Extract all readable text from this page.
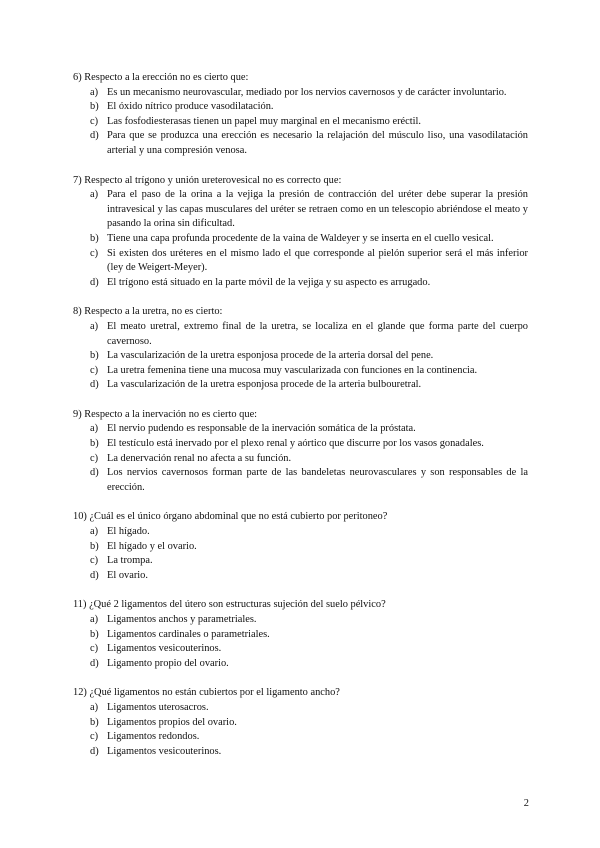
6) Respecto a la erección no es cierto que:
a) Es un mecanismo neurovascular, mediado por los nervios cavernosos y de carácter involuntario.
b) El óxido nítrico produce vasodilatación.
c) Las fosfodiesterasas tienen un papel muy marginal en el mecanismo eréctil.
d) Para que se produzca una erección es necesario la relajación del músculo liso, una vasodilatación arterial y una compresión venosa.
7) Respecto al trígono y unión ureterovesical no es correcto que:
a) Para el paso de la orina a la vejiga la presión de contracción del uréter debe superar la presión intravesical y las capas musculares del uréter se retraen como en un telescopio abriéndose el meato y pasando la orina sin dificultad.
b) Tiene una capa profunda procedente de la vaina de Waldeyer y se inserta en el cuello vesical.
c) Si existen dos uréteres en el mismo lado el que corresponde al pielón superior será el más inferior (ley de Weigert-Meyer).
d) El trígono está situado en la parte móvil de la vejiga y su aspecto es arrugado.
8) Respecto a la uretra, no es cierto:
a) El meato uretral, extremo final de la uretra, se localiza en el glande que forma parte del cuerpo cavernoso.
b) La vascularización de la uretra esponjosa procede de la arteria dorsal del pene.
c) La uretra femenina tiene una mucosa muy vascularizada con funciones en la continencia.
d) La vascularización de la uretra esponjosa procede de la arteria bulbouretral.
9) Respecto a la inervación no es cierto que:
a) El nervio pudendo es responsable de la inervación somática de la próstata.
b) El testículo está inervado por el plexo renal y aórtico que discurre por los vasos gonadales.
c) La denervación renal no afecta a su función.
d) Los nervios cavernosos forman parte de las bandeletas neurovasculares y son responsables de la erección.
10) ¿Cuál es el único órgano abdominal que no está cubierto por peritoneo?
a) El hígado.
b) El hígado y el ovario.
c) La trompa.
d) El ovario.
11) ¿Qué 2 ligamentos del útero son estructuras sujeción del suelo pélvico?
a) Ligamentos anchos y parametriales.
b) Ligamentos cardinales o parametriales.
c) Ligamentos vesicouterinos.
d) Ligamento propio del ovario.
12) ¿Qué ligamentos no están cubiertos por el ligamento ancho?
a) Ligamentos uterosacros.
b) Ligamentos propios del ovario.
c) Ligamentos redondos.
d) Ligamentos vesicouterinos.
2
